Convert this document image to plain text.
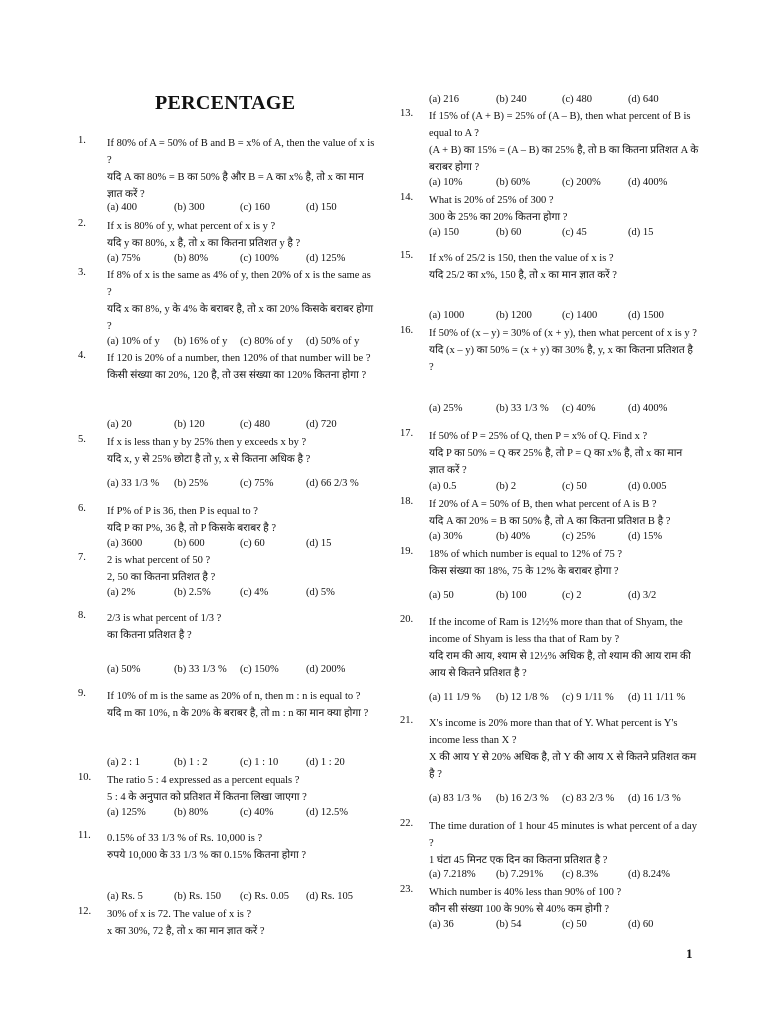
PERCENTAGE
1. If 80% of A = 50% of B and B = x% of A, then the value of x is ?
यदि A का 80% = B का 50% है और B = A का x% है, तो x का मान ज्ञात करें ?
(a) 400	(b) 300	(c) 160	(d) 150
2. If x is 80% of y, what percent of x is y ?
यदि y का 80%, x है, तो x का कितना प्रतिशत y है ?
(a) 75%	(b) 80%	(c) 100%	(d) 125%
3. If 8% of x is the same as 4% of y, then 20% of x is the same as ?
यदि x का 8%, y के 4% के बराबर है, तो x का 20% किसके बराबर होगा ?
(a) 10% of y (b) 16% of y (c) 80% of y (d) 50% of y
4. If 120 is 20% of a number, then 120% of that number will be ?
किसी संख्या का 20%, 120 है, तो उस संख्या का 120% कितना होगा ?
(a) 20	(b) 120	(c) 480	(d) 720
5. If x is less than y by 25% then y exceeds x by ?
यदि x, y से 25% छोटा है तो y, x से कितना अधिक है ?
(a) 33 1/3 % (b) 25%	(c) 75%	(d) 66 2/3 %
6. If P% of P is 36, then P is equal to ?
यदि P का P%, 36 है, तो P किसके बराबर है ?
(a) 3600	(b) 600	(c) 60	(d) 15
7. 2 is what percent of 50 ?
2, 50 का कितना प्रतिशत है ?
(a) 2%	(b) 2.5%	(c) 4%	(d) 5%
8. 2/3 is what percent of 1/3 ?
का कितना प्रतिशत है ?
(a) 50%	(b) 33 1/3 % (c) 150%	(d) 200%
9. If 10% of m is the same as 20% of n, then m : n is equal to ?
यदि m का 10%, n के 20% के बराबर है, तो m : n का मान क्या होगा ?
(a) 2 : 1	(b) 1 : 2	(c) 1 : 10	(d) 1 : 20
10. The ratio 5 : 4 expressed as a percent equals ?
5 : 4 के अनुपात को प्रतिशत में कितना लिखा जाएगा ?
(a) 125%	(b) 80%	(c) 40%	(d) 12.5%
11. 0.15% of 33 1/3 % of Rs. 10,000 is ?
रुपये 10,000 के 33 1/3 % का 0.15% कितना होगा ?
(a) Rs. 5	(b) Rs. 150 (c) Rs. 0.05 (d) Rs. 105
12. 30% of x is 72. The value of x is ?
x का 30%, 72 है, तो x का मान ज्ञात करें ?
(a) 216	(b) 240	(c) 480	(d) 640
13. If 15% of (A + B) = 25% of (A – B), then what percent of B is equal to A ?
(A + B) का 15% = (A – B) का 25% है, तो B का कितना प्रतिशत A के बराबर होगा ?
(a) 10%	(b) 60%	(c) 200%	(d) 400%
14. What is 20% of 25% of 300 ?
300 के 25% का 20% कितना होगा ?
(a) 150	(b) 60	(c) 45	(d) 15
15. If x% of 25/2 is 150, then the value of x is ?
यदि 25/2 का x%, 150 है, तो x का मान ज्ञात करें ?
(a) 1000	(b) 1200	(c) 1400	(d) 1500
16. If 50% of (x – y) = 30% of (x + y), then what percent of x is y ?
यदि (x – y) का 50% = (x + y) का 30% है, y, x का कितना प्रतिशत है ?
(a) 25%	(b) 33 1/3 % (c) 40%	(d) 400%
17. If 50% of P = 25% of Q, then P = x% of Q. Find x ?
यदि P का 50% = Q कर 25% है, तो P = Q का x% है, तो x का मान ज्ञात करें ?
(a) 0.5	(b) 2	(c) 50	(d) 0.005
18. If 20% of A = 50% of B, then what percent of A is B ?
यदि A का 20% = B का 50% है, तो A का कितना प्रतिशत B है ?
(a) 30%	(b) 40%	(c) 25%	(d) 15%
19. 18% of which number is equal to 12% of 75 ?
किस संख्या का 18%, 75 के 12% के बराबर होगा ?
(a) 50	(b) 100	(c) 2	(d) 3/2
20. If the income of Ram is 12½% more than that of Shyam, the income of Shyam is less tha that of Ram by ?
यदि राम की आय, श्याम से 12½% अधिक है, तो श्याम की आय राम की आय से कितने प्रतिशत है ?
(a) 11 1/9 % (b) 12 1/8 % (c) 9 1/11 % (d) 11 1/11 %
21. X's income is 20% more than that of Y. What percent is Y's income less than X ?
X की आय Y से 20% अधिक है, तो Y की आय X से कितने प्रतिशत कम है ?
(a) 83 1/3 % (b) 16 2/3 % (c) 83 2/3 % (d) 16 1/3 %
22. The time duration of 1 hour 45 minutes is what percent of a day ?
1 घंटा 45 मिनट एक दिन का कितना प्रतिशत है ?
(a) 7.218% (b) 7.291% (c) 8.3%	(d) 8.24%
23. Which number is 40% less than 90% of 100 ?
कौन सी संख्या 100 के 90% से 40% कम होगी ?
(a) 36	(b) 54	(c) 50	(d) 60
1
